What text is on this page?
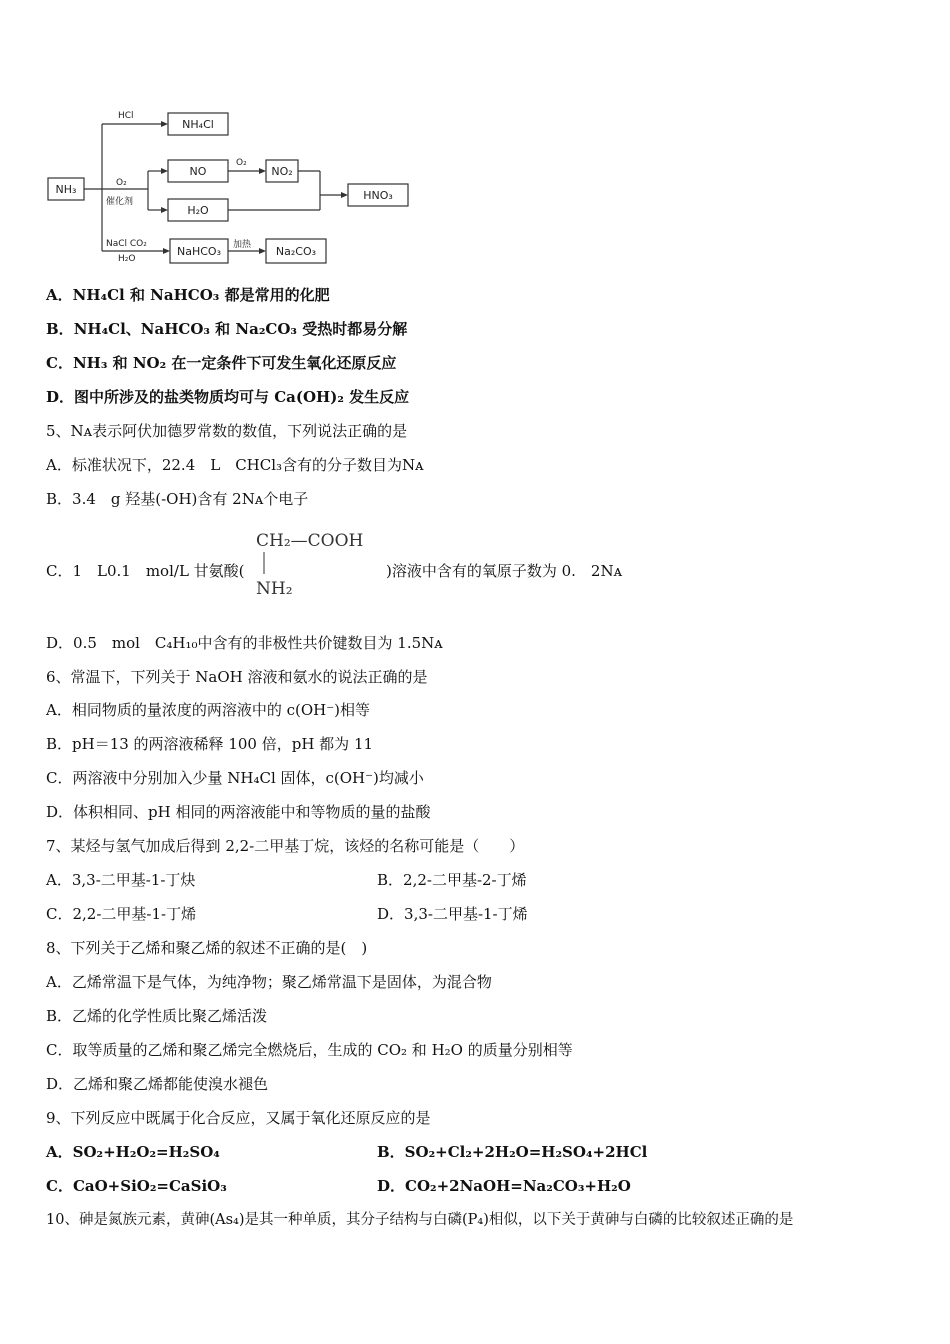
NH₃
NH₄Cl
NO	NO₂
H₂O
HNO₃
NaHCO₃	Na₂CO₃
HCl
O₂
O₂
催化剂
NaCl CO₂
H₂O
加热
A．NH₄Cl 和 NaHCO₃ 都是常用的化肥
B．NH₄Cl、NaHCO₃ 和 Na₂CO₃ 受热时都易分解
C．NH₃ 和 NO₂ 在一定条件下可发生氧化还原反应
D．图中所涉及的盐类物质均可与 Ca(OH)₂ 发生反应
5、Nᴀ表示阿伏加德罗常数的数值，下列说法正确的是
A．标准状况下，22.4　L　CHCl₃含有的分子数目为Nᴀ
B．3.4　g 羟基(-OH)含有 2Nᴀ个电子
C．1　L0.1　mol/L 甘氨酸(
CH₂—COOH
NH₂
)溶液中含有的氧原子数为 0.　2Nᴀ
D．0.5　mol　C₄H₁₀中含有的非极性共价键数目为 1.5Nᴀ
6、常温下，下列关于 NaOH 溶液和氨水的说法正确的是
A．相同物质的量浓度的两溶液中的 c(OH⁻)相等
B．pH＝13 的两溶液稀释 100 倍，pH 都为 11
C．两溶液中分别加入少量 NH₄Cl 固体，c(OH⁻)均减小
D．体积相同、pH 相同的两溶液能中和等物质的量的盐酸
7、某烃与氢气加成后得到 2,2-二甲基丁烷，该烃的名称可能是（　　）
A．3,3-二甲基-1-丁炔	B．2,2-二甲基-2-丁烯
C．2,2-二甲基-1-丁烯	D．3,3-二甲基-1-丁烯
8、下列关于乙烯和聚乙烯的叙述不正确的是(　)
A．乙烯常温下是气体，为纯净物；聚乙烯常温下是固体，为混合物
B．乙烯的化学性质比聚乙烯活泼
C．取等质量的乙烯和聚乙烯完全燃烧后，生成的 CO₂ 和 H₂O 的质量分别相等
D．乙烯和聚乙烯都能使溴水褪色
9、下列反应中既属于化合反应，又属于氧化还原反应的是
A．SO₂+H₂O₂=H₂SO₄	B．SO₂+Cl₂+2H₂O=H₂SO₄+2HCl
C．CaO+SiO₂=CaSiO₃	D．CO₂+2NaOH=Na₂CO₃+H₂O
10、砷是氮族元素，黄砷(As₄)是其一种单质，其分子结构与白磷(P₄)相似，以下关于黄砷与白磷的比较叙述正确的是
